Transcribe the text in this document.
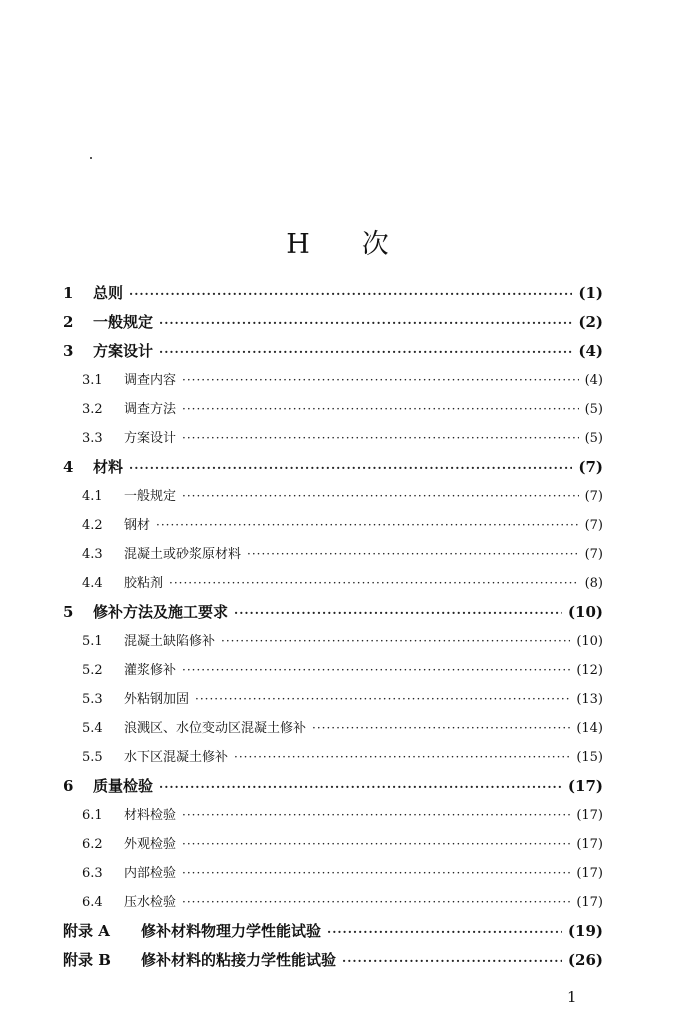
H 次
1	总则 ·····	(1)
2	一般规定 ·····	(2)
3	方案设计 ·····	(4)
3.1	调查内容 ·····	(4)
3.2	调查方法 ·····	(5)
3.3	方案设计 ·····	(5)
4	材料 ·····	(7)
4.1	一般规定 ·····	(7)
4.2	钢材 ·····	(7)
4.3	混凝土或砂浆原材料 ·····	(7)
4.4	胶粘剂 ·····	(8)
5	修补方法及施工要求 ·····	(10)
5.1	混凝土缺陷修补 ·····	(10)
5.2	灌浆修补 ·····	(12)
5.3	外粘钢加固 ·····	(13)
5.4	浪溅区、水位变动区混凝土修补 ·····	(14)
5.5	水下区混凝土修补 ·····	(15)
6	质量检验 ·····	(17)
6.1	材料检验 ·····	(17)
6.2	外观检验 ·····	(17)
6.3	内部检验 ·····	(17)
6.4	压水检验 ·····	(17)
附录 A	修补材料物理力学性能试验 ·····	(19)
附录 B	修补材料的粘接力学性能试验 ·····	(26)
1
